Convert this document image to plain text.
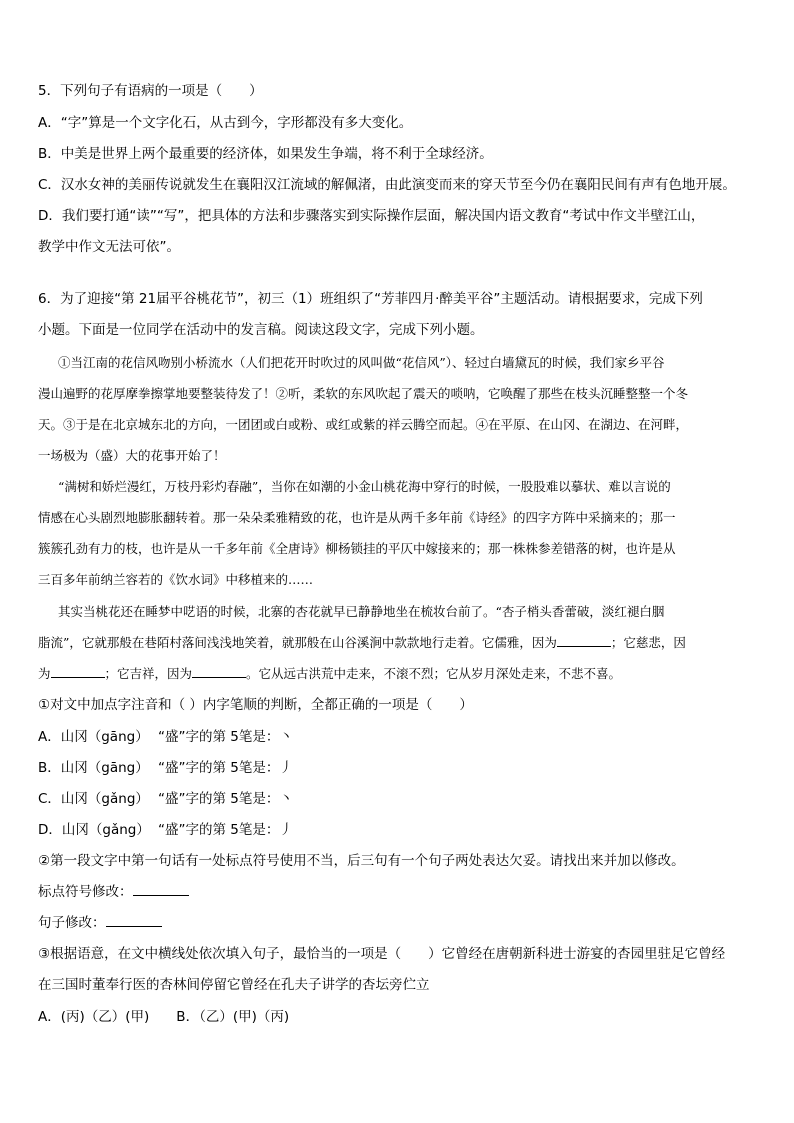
5．下列句子有语病的一项是（　　）
A．“字”算是一个文字化石，从古到今，字形都没有多大变化。
B．中美是世界上两个最重要的经济体，如果发生争端，将不利于全球经济。
C．汉水女神的美丽传说就发生在襄阳汉江流域的解佩渚，由此演变而来的穿天节至今仍在襄阳民间有声有色地开展。
D．我们要打通“读”“写”，把具体的方法和步骤落实到实际操作层面，解决国内语文教育“考试中作文半壁江山，
教学中作文无法可依”。
6．为了迎接“第 21届平谷桃花节”，初三（1）班组织了“芳菲四月·醉美平谷”主题活动。请根据要求，完成下列
小题。下面是一位同学在活动中的发言稿。阅读这段文字，完成下列小题。
①当江南的花信风吻别小桥流水（人们把花开时吹过的风叫做“花信风”）、轻过白墙黛瓦的时候，我们家乡平谷
漫山遍野的花厚摩拳擦掌地要整装待发了！②听，柔软的东风吹起了震天的唢呐，它唤醒了那些在枝头沉睡整整一个冬
天。③于是在北京城东北的方向，一团团或白或粉、或红或紫的祥云腾空而起。④在平原、在山冈、在湖边、在河畔，
一场极为（盛）大的花事开始了！
“满树和娇烂漫红，万枝丹彩灼春融”，当你在如潮的小金山桃花海中穿行的时候，一股股难以摹状、难以言说的
情感在心头剧烈地膨胀翻转着。那一朵朵柔雅精致的花，也许是从两千多年前《诗经》的四字方阵中采摘来的；那一
簇簇孔劲有力的枝，也许是从一千多年前《全唐诗》柳杨锁挂的平仄中嫁接来的；那一株株参差错落的树，也许是从
三百多年前纳兰容若的《饮水词》中移植来的……
其实当桃花还在睡梦中呓语的时候，北寨的杏花就早已静静地坐在梳妆台前了。“杏子梢头香蕾破，淡红褪白胭
脂流”，它就那般在巷陌村落间浅浅地笑着，就那般在山谷溪涧中款款地行走着。它儒雅，因为	；它慈悲，因
为	；它吉祥，因为	。它从远古洪荒中走来，不滚不烈；它从岁月深处走来，不悲不喜。
①对文中加点字注音和（ ）内字笔顺的判断，全都正确的一项是（　　）
A．山冈（gāng） “盛”字的第 5笔是：丶
B．山冈（gāng） “盛”字的第 5笔是：丿
C．山冈（gǎng） “盛”字的第 5笔是：丶
D．山冈（gǎng） “盛”字的第 5笔是：丿
②第一段文字中第一句话有一处标点符号使用不当，后三句有一个句子两处表达欠妥。请找出来并加以修改。
标点符号修改：
句子修改：
③根据语意，在文中横线处依次填入句子，最恰当的一项是（　　）它曾经在唐朝新科进士游宴的杏园里驻足它曾经
在三国时董奉行医的杏林间停留它曾经在孔夫子讲学的杏坛旁伫立
A．(丙)（乙）(甲)　　B．（乙）(甲)（丙)
